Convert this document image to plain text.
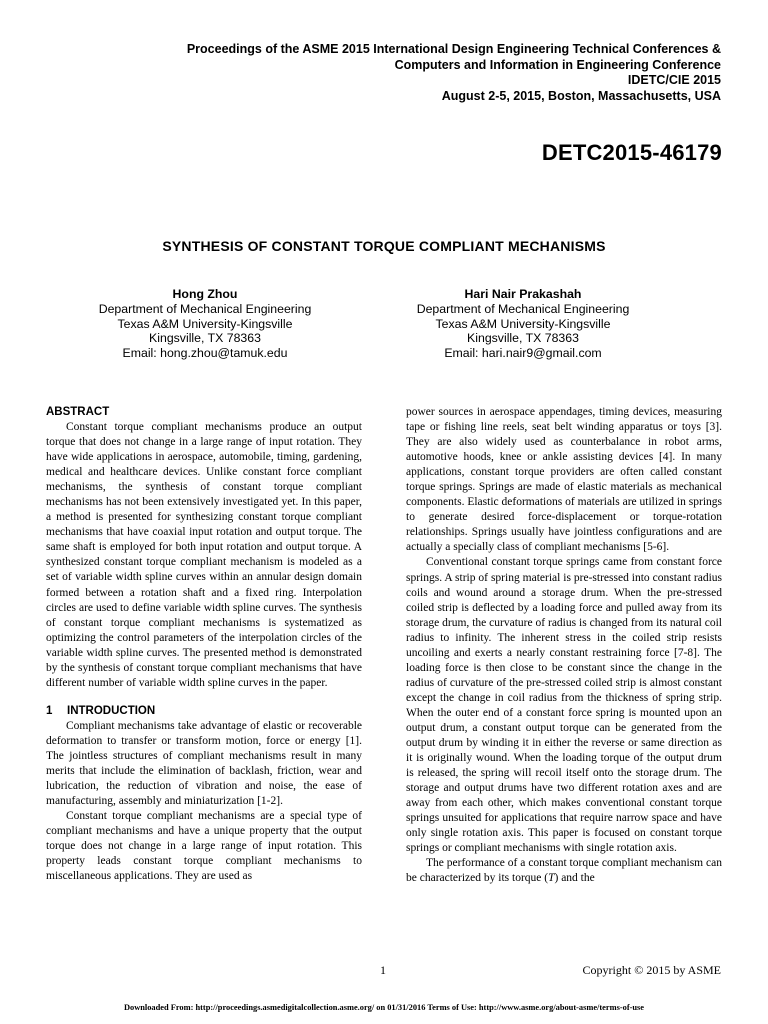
Proceedings of the ASME 2015 International Design Engineering Technical Conferences &
Computers and Information in Engineering Conference
IDETC/CIE 2015
August 2-5, 2015, Boston, Massachusetts, USA
DETC2015-46179
SYNTHESIS OF CONSTANT TORQUE COMPLIANT MECHANISMS
Hong Zhou
Department of Mechanical Engineering
Texas A&M University-Kingsville
Kingsville, TX 78363
Email: hong.zhou@tamuk.edu
Hari Nair Prakashah
Department of Mechanical Engineering
Texas A&M University-Kingsville
Kingsville, TX 78363
Email: hari.nair9@gmail.com
ABSTRACT

Constant torque compliant mechanisms produce an output torque that does not change in a large range of input rotation. They have wide applications in aerospace, automobile, timing, gardening, medical and healthcare devices. Unlike constant force compliant mechanisms, the synthesis of constant torque compliant mechanisms has not been extensively investigated yet. In this paper, a method is presented for synthesizing constant torque compliant mechanisms that have coaxial input rotation and output torque. The same shaft is employed for both input rotation and output torque. A synthesized constant torque compliant mechanism is modeled as a set of variable width spline curves within an annular design domain formed between a rotation shaft and a fixed ring. Interpolation circles are used to define variable width spline curves. The synthesis of constant torque compliant mechanisms is systematized as optimizing the control parameters of the interpolation circles of the variable width spline curves. The presented method is demonstrated by the synthesis of constant torque compliant mechanisms that have different number of variable width spline curves in the paper.

1 INTRODUCTION

Compliant mechanisms take advantage of elastic or recoverable deformation to transfer or transform motion, force or energy [1]. The jointless structures of compliant mechanisms result in many merits that include the elimination of backlash, friction, wear and lubrication, the reduction of vibration and noise, the ease of manufacturing, assembly and miniaturization [1-2].

Constant torque compliant mechanisms are a special type of compliant mechanisms and have a unique property that the output torque does not change in a large range of input rotation. This property leads constant torque compliant mechanisms to miscellaneous applications. They are used as

power sources in aerospace appendages, timing devices, measuring tape or fishing line reels, seat belt winding apparatus or toys [3]. They are also widely used as counterbalance in robot arms, automotive hoods, knee or ankle assisting devices [4]. In many applications, constant torque providers are often called constant torque springs. Springs are made of elastic materials as mechanical components. Elastic deformations of materials are utilized in springs to generate desired force-displacement or torque-rotation relationships. Springs usually have jointless configurations and are actually a specially class of compliant mechanisms [5-6].

Conventional constant torque springs came from constant force springs. A strip of spring material is pre-stressed into constant radius coils and wound around a storage drum. When the pre-stressed coiled strip is deflected by a loading force and pulled away from its storage drum, the curvature of radius is changed from its natural coil radius to infinity. The inherent stress in the coiled strip resists uncoiling and exerts a nearly constant restraining force [7-8]. The loading force is then close to be constant since the change in the radius of curvature of the pre-stressed coiled strip is almost constant except the change in coil radius from the thickness of spring strip. When the outer end of a constant force spring is mounted upon an output drum, a constant output torque can be generated from the output drum by winding it in either the reverse or same direction as it is originally wound. When the loading torque of the output drum is released, the spring will recoil itself onto the storage drum. The storage and output drums have two different rotation axes and are away from each other, which makes conventional constant torque springs unsuited for applications that require narrow space and have only single rotation axis. This paper is focused on constant torque springs or compliant mechanisms with single rotation axis.

The performance of a constant torque compliant mechanism can be characterized by its torque (T) and the

1	Copyright © 2015 by ASME
Downloaded From: http://proceedings.asmedigitalcollection.asme.org/ on 01/31/2016 Terms of Use: http://www.asme.org/about-asme/terms-of-use
